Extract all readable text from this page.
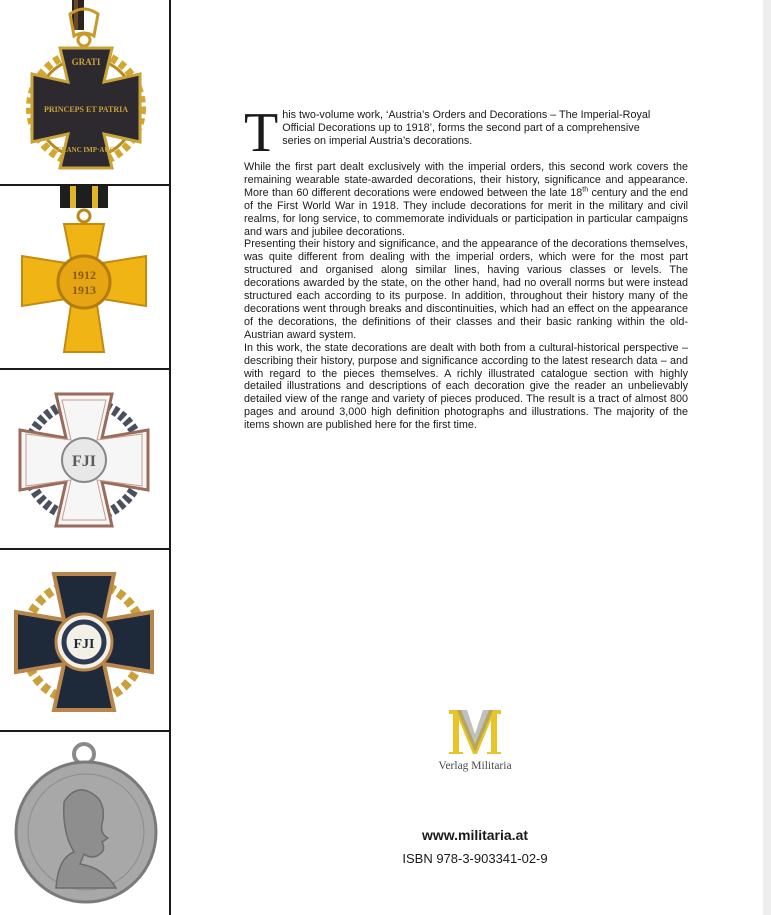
GRATI
PRINCEPS ET PATRIA
FRANC IMP·AUG
1912
1913
FJI
FJI
T his two-volume work, ‘Austria’s Orders and Decorations – The Imperial-Royal
Official Decorations up to 1918’, forms the second part of a comprehensive
series on imperial Austria’s decorations.

While the first part dealt exclusively with the imperial orders, this second work covers the remaining wearable state-awarded decorations, their history, significance and appearance. More than 60 different decorations were endowed between the late 18th century and the end of the First World War in 1918. They include decorations for merit in the military and civil realms, for long service, to commemorate individuals or participation in particular campaigns and wars and jubilee decorations.

Presenting their history and significance, and the appearance of the decorations themselves, was quite different from dealing with the imperial orders, which were for the most part structured and organised along similar lines, having various classes or levels. The decorations awarded by the state, on the other hand, had no overall norms but were instead structured each according to its purpose. In addition, throughout their history many of the decorations went through breaks and discontinuities, which had an effect on the appearance of the decorations, the definitions of their classes and their basic ranking within the old-Austrian award system.

In this work, the state decorations are dealt with both from a cultural-historical perspective – describing their history, purpose and significance according to the latest research data – and with regard to the pieces themselves. A richly illustrated catalogue section with highly detailed illustrations and descriptions of each decoration give the reader an unbelievably detailed view of the range and variety of pieces produced. The result is a tract of almost 800 pages and around 3,000 high definition photographs and illustrations. The majority of the items shown are published here for the first time.

Verlag Militaria
www.militaria.at
ISBN 978-3-903341-02-9
